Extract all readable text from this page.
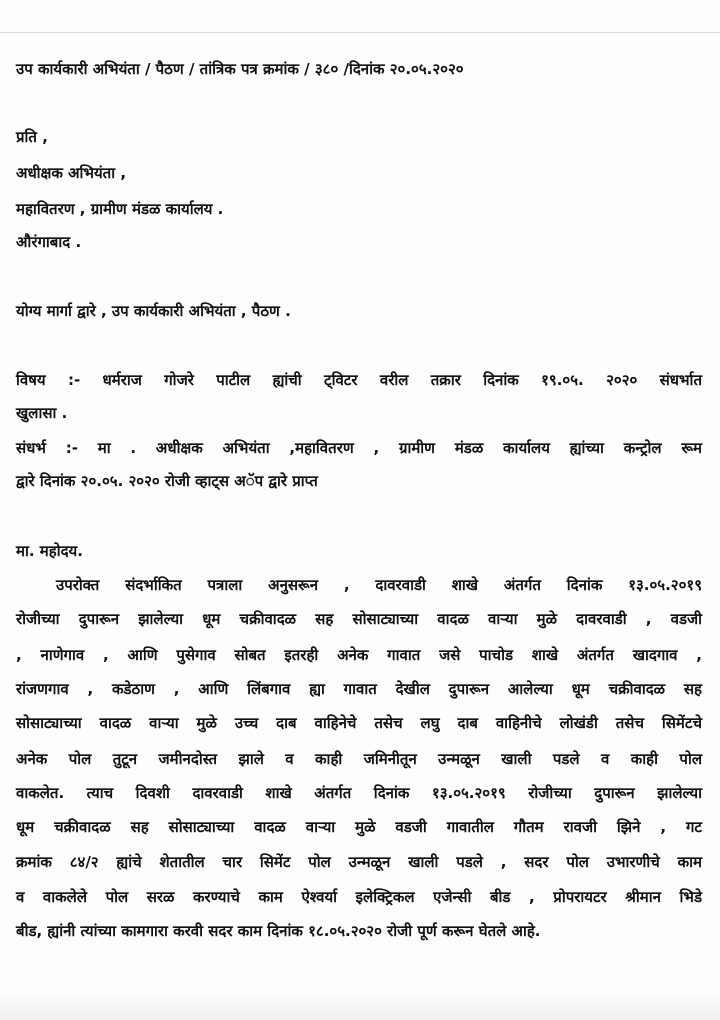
उप कार्यकारी अभियंता / पैठण / तांत्रिक पत्र क्रमांक / ३८० /दिनांक २०.०५.२०२०
प्रति ,
अधीक्षक अभियंता ,
महावितरण , ग्रामीण मंडळ कार्यालय .
औरंगाबाद .
योग्य मार्गा द्वारे , उप कार्यकारी अभियंता , पैठण .
विषय :- धर्मराज गोजरे पाटील ह्यांची ट्विटर वरील तक्रार दिनांक १९.०५. २०२० संधर्भात
खुलासा .
संधर्भ :- मा . अधीक्षक अभियंता ,महावितरण , ग्रामीण मंडळ कार्यालय ह्यांच्या कन्ट्रोल रूम
द्वारे दिनांक २०.०५. २०२० रोजी व्हाट्स अॅप द्वारे प्राप्त
मा. महोदय.
उपरोक्त संदर्भाकित पत्राला अनुसरून , दावरवाडी शाखे अंतर्गत दिनांक १३.०५.२०१९
रोजीच्या दुपारून झालेल्या धूम चक्रीवादळ सह सोसाट्याच्या वादळ वाऱ्या मुळे दावरवाडी , वडजी
, नाणेगाव , आणि पुसेगाव सोबत इतरही अनेक गावात जसे पाचोड शाखे अंतर्गत खादगाव ,
रांजणगाव , कडेठाण , आणि लिंबगाव ह्या गावात देखील दुपारून आलेल्या धूम चक्रीवादळ सह
सोसाट्याच्या वादळ वाऱ्या मुळे उच्च दाब वाहिनेचे तसेच लघु दाब वाहिनीचे लोखंडी तसेच सिमेंटचे
अनेक पोल तुटून जमीनदोस्त झाले व काही जमिनीतून उन्मळून खाली पडले व काही पोल
वाकलेत. त्याच दिवशी दावरवाडी शाखे अंतर्गत दिनांक १३.०५.२०१९ रोजीच्या दुपारून झालेल्या
धूम चक्रीवादळ सह सोसाट्याच्या वादळ वाऱ्या मुळे वडजी गावातील गौतम रावजी झिने , गट
क्रमांक ८४/२ ह्यांचे शेतातील चार सिमेंट पोल उन्मळून खाली पडले , सदर पोल उभारणीचे काम
व वाकलेले पोल सरळ करण्याचे काम ऐश्वर्या इलेक्ट्रिकल एजेन्सी बीड , प्रोपरायटर श्रीमान भिडे
बीड, ह्यांनी त्यांच्या कामगारा करवी सदर काम दिनांक १८.०५.२०२० रोजी पूर्ण करून घेतले आहे.
